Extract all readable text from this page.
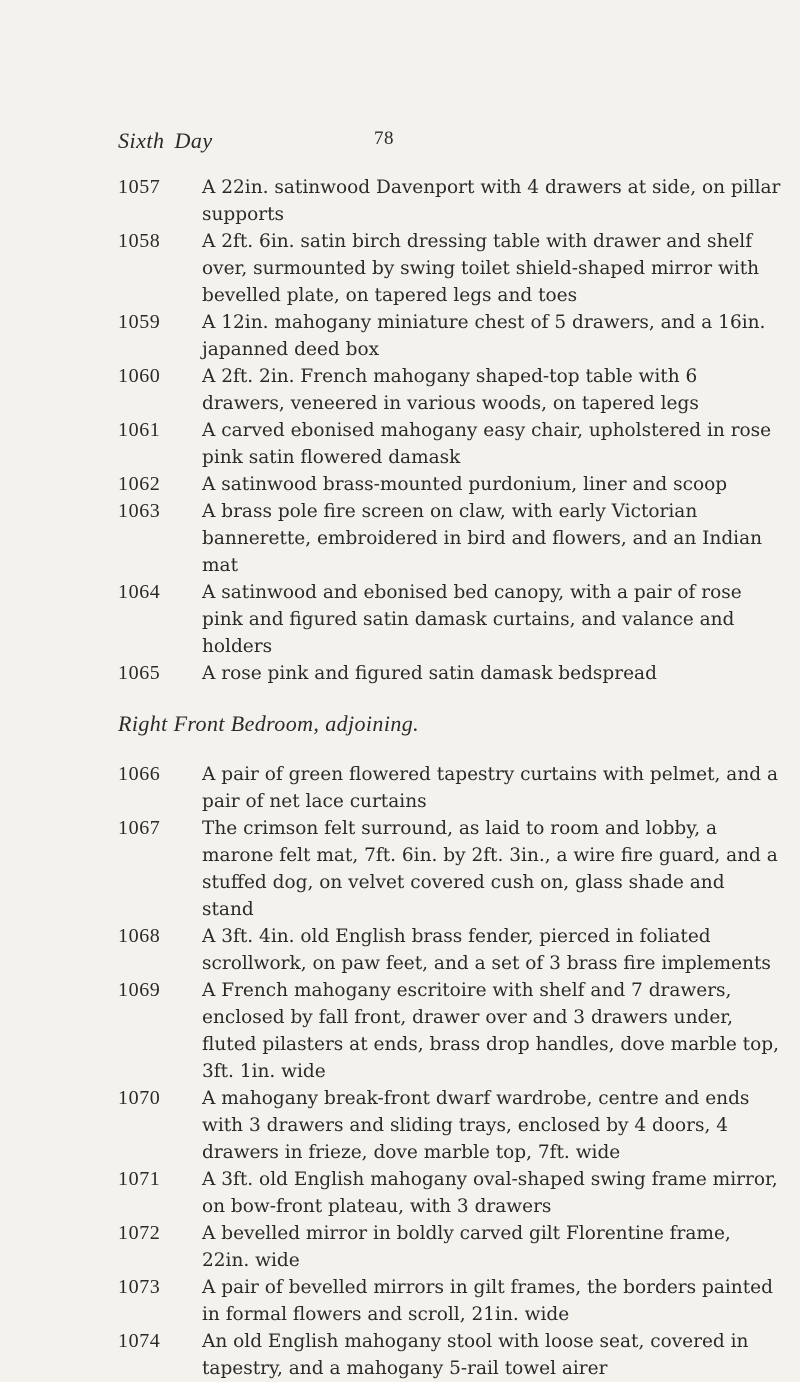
Sixth Day	78
1057	A 22in. satinwood Davenport with 4 drawers at side, on pillar supports
1058	A 2ft. 6in. satin birch dressing table with drawer and shelf over, surmounted by swing toilet shield-shaped mirror with bevelled plate, on tapered legs and toes
1059	A 12in. mahogany miniature chest of 5 drawers, and a 16in. japanned deed box
1060	A 2ft. 2in. French mahogany shaped-top table with 6 drawers, veneered in various woods, on tapered legs
1061	A carved ebonised mahogany easy chair, upholstered in rose pink satin flowered damask
1062	A satinwood brass-mounted purdonium, liner and scoop
1063	A brass pole fire screen on claw, with early Victorian bannerette, embroidered in bird and flowers, and an Indian mat
1064	A satinwood and ebonised bed canopy, with a pair of rose pink and figured satin damask curtains, and valance and holders
1065	A rose pink and figured satin damask bedspread
Right Front Bedroom, adjoining.
1066	A pair of green flowered tapestry curtains with pelmet, and a pair of net lace curtains
1067	The crimson felt surround, as laid to room and lobby, a marone felt mat, 7ft. 6in. by 2ft. 3in., a wire fire guard, and a stuffed dog, on velvet covered cush on, glass shade and stand
1068	A 3ft. 4in. old English brass fender, pierced in foliated scrollwork, on paw feet, and a set of 3 brass fire implements
1069	A French mahogany escritoire with shelf and 7 drawers, enclosed by fall front, drawer over and 3 drawers under, fluted pilasters at ends, brass drop handles, dove marble top, 3ft. 1in. wide
1070	A mahogany break-front dwarf wardrobe, centre and ends with 3 drawers and sliding trays, enclosed by 4 doors, 4 drawers in frieze, dove marble top, 7ft. wide
1071	A 3ft. old English mahogany oval-shaped swing frame mirror, on bow-front plateau, with 3 drawers
1072	A bevelled mirror in boldly carved gilt Florentine frame, 22in. wide
1073	A pair of bevelled mirrors in gilt frames, the borders painted in formal flowers and scroll, 21in. wide
1074	An old English mahogany stool with loose seat, covered in tapestry, and a mahogany 5-rail towel airer
